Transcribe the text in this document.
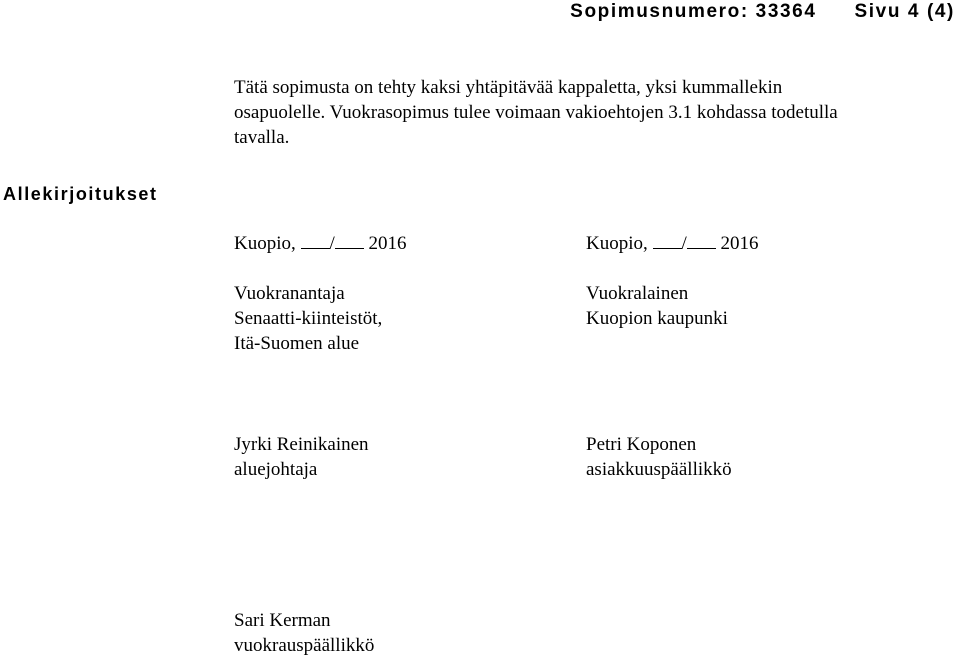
Sopimusnumero: 33364 Sivu 4 (4)
Allekirjoitukset
Tätä sopimusta on tehty kaksi yhtäpitävää kappaletta, yksi kummallekin osapuolelle. Vuokrasopimus tulee voimaan vakioehtojen 3.1 kohdassa todetulla tavalla.
Kuopio, / 2016
Vuokranantaja
Senaatti-kiinteistöt,
Itä-Suomen alue
Jyrki Reinikainen
aluejohtaja
Kuopio, / 2016
Vuokralainen
Kuopion kaupunki
Petri Koponen
asiakkuuspäällikkö
Sari Kerman
vuokrauspäällikkö
